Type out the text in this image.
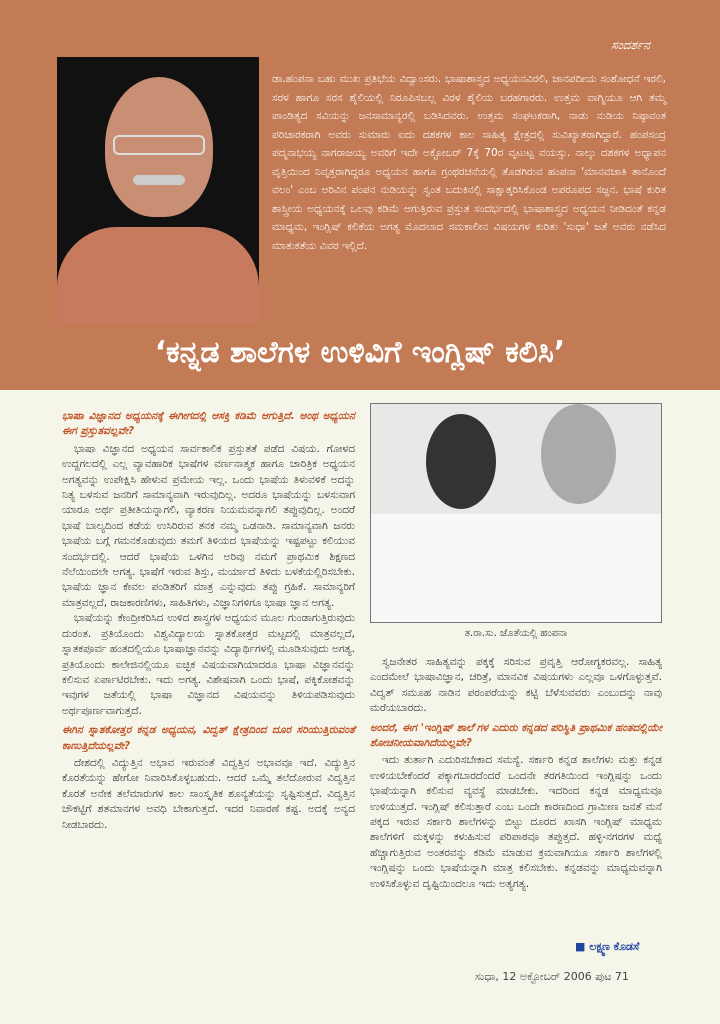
ಸಂದರ್ಶನ
ಡಾ.ಹಂಪನಾ ಬಹು ಮುಖ ಪ್ರತಿಭೆಯ ವಿದ್ವಾಂಸರು. ಭಾಷಾಶಾಸ್ತ್ರದ ಅಧ್ಯಯನವಿರಲಿ, ಜಾನಪದೀಯ ಸಂಶೋಧನೆ ಇರಲಿ, ಸರಳ ಹಾಗೂ ಸರಸ ಶೈಲಿಯಲ್ಲಿ ನಿರೂಪಿಸಬಲ್ಲ ವಿರಳ ಶೈಲಿಯ ಬರಹಗಾರರು. ಉತ್ತಮ ವಾಗ್ಮಿಯೂ ಆಗಿ ತಮ್ಮ ಪಾಂಡಿತ್ಯದ ಸವಿಯನ್ನು ಜನಸಾಮಾನ್ಯರಲ್ಲಿ ಬಡಿಸಿದವರು. ಉತ್ತಮ ಸಂಘಟಕರಾಗಿ, ನಾಡು ನುಡಿಯ ನಿಷ್ಠಾವಂತ ಪರಿಚಾರಕರಾಗಿ ಅವರು ಸುಮಾರು ಐದು ದಶಕಗಳ ಕಾಲ ಸಾಹಿತ್ಯ ಕ್ಷೇತ್ರದಲ್ಲಿ ಸುವಿಖ್ಯಾತರಾಗಿದ್ದಾರೆ. ಹಂಪಸಂದ್ರ ಪದ್ಮನಾಭಯ್ಯ ನಾಗರಾಜಯ್ಯ ಅವರಿಗೆ ಇದೇ ಅಕ್ಟೋಬರ್ 7ಕ್ಕೆ 70ರ ವೃಟುಟ್ಟ ವಯಸ್ಸು. ನಾಲ್ಕು ದಶಕಗಳ ಅಧ್ಯಾಪನ ವೃತ್ತಿಯಿಂದ ನಿವೃತ್ತರಾಗಿದ್ದರೂ ಅಧ್ಯಯನ ಹಾಗೂ ಗ್ರಂಥರಚನೆಯಲ್ಲಿ ತೊಡಗಿರುವ ಹಂಪನಾ 'ಮಾನವಜಾತಿ ತಾನೊಂದೆ ವಲಂ' ಎಂಬ ಅರಿವಿನ ಪಂಪನ ನುಡಿಯನ್ನು ಸ್ವಂತ ಬದುಕಿನಲ್ಲಿ ಸಾಕ್ಷಾತ್ಕರಿಸಿಕೊಂಡ ಅಪರೂಪದ ಸಜ್ಜನ. ಭಾಷೆ ಕುರಿತ ಶಾಸ್ತ್ರೀಯ ಅಧ್ಯಯನಕ್ಕೆ ಒಲವು ಕಡಿಮೆ ಆಗುತ್ತಿರುವ ಪ್ರಸ್ತುತ ಸಂದರ್ಭದಲ್ಲಿ ಭಾಷಾಶಾಸ್ತ್ರದ ಅಧ್ಯಯನ ನೀಡಿದಂತೆ ಕನ್ನಡ ಮಾಧ್ಯಮ, ಇಂಗ್ಲಿಷ್ ಕಲಿಕೆಯ ಅಗತ್ಯ ಮೊದಲಾದ ಸಮಕಾಲೀನ ವಿಷಯಗಳ ಕುರಿತು 'ಸುಧಾ' ಜತೆ ಅವರು ನಡೆಸಿದ ಮಾತುಕತೆಯ ವಿವರ ಇಲ್ಲಿದೆ.
‘ಕನ್ನಡ ಶಾಲೆಗಳ ಉಳಿವಿಗೆ ಇಂಗ್ಲಿಷ್ ಕಲಿಸಿ’
ಭಾಷಾ ವಿಜ್ಞಾನದ ಅಧ್ಯಯನಕ್ಕೆ ಈಗೀಗದಲ್ಲಿ ಆಸಕ್ತಿ ಕಡಿಮೆ ಆಗುತ್ತಿದೆ. ಅಂಥ ಅಧ್ಯಯನ ಈಗ ಪ್ರಸ್ತುತವಲ್ಲವೇ?

ಭಾಷಾ ವಿಜ್ಞಾನದ ಅಧ್ಯಯನ ಸಾರ್ವಕಾಲಿಕ ಪ್ರಸ್ತುತತೆ ಪಡೆದ ವಿಷಯ. ಗೋಳದ ಉದ್ದಗಲದಲ್ಲಿ ಎಲ್ಲ ವ್ಯಾವಹಾರಿಕ ಭಾಷೆಗಳ ವರ್ಣನಾತ್ಮಕ ಹಾಗೂ ಚಾರಿತ್ರಿಕ ಅಧ್ಯಯನ ಅಗತ್ಯವನ್ನು ಉಪೇಕ್ಷಿಸಿ ಹೇಳುವ ಪ್ರಮೇಯ ಇಲ್ಲ. ಒಂದು ಭಾಷೆಯ ತಿಳುವಳಿಕೆ ಅದನ್ನು ನಿತ್ಯ ಬಳಸುವ ಜನರಿಗೆ ಸಾಮಾನ್ಯವಾಗಿ ಇರುವುದಿಲ್ಲ. ಅದರೂ ಭಾಷೆಯನ್ನು ಬಳಸುವಾಗ ಯಾರೂ ಅರ್ಥ ಪ್ರತೀತಿಯನ್ನಾಗಲಿ, ವ್ಯಾಕರಣ ನಿಯಮವನ್ನಾಗಲಿ ತಪ್ಪುವುದಿಲ್ಲ. ಅಂದರೆ ಭಾಷೆ ಬಾಲ್ಯದಿಂದ ಕಡೆಯ ಉಸಿರಿರುವ ತನಕ ನಮ್ಮ ಒಡನಾಡಿ. ಸಾಮಾನ್ಯವಾಗಿ ಜನರು ಭಾಷೆಯ ಬಗ್ಗೆ ಗಮನಕೊಡುವುದು ತಮಗೆ ತಿಳಿಯದ ಭಾಷೆಯನ್ನು ಇಷ್ಟಪಟ್ಟು ಕಲಿಯುವ ಸಂದರ್ಭದಲ್ಲಿ. ಆದರೆ ಭಾಷೆಯ ಒಳಗಿನ ಅರಿವು ನಮಗೆ ಪ್ರಾಥಮಿಕ ಶಿಕ್ಷಣದ ನೆಲೆಯಿಂದಲೇ ಅಗತ್ಯ. ಭಾಷೆಗೆ ಇರುವ ಶಿಸ್ತು, ಮರ್ಯಾದೆ ತಿಳಿದು ಬಳಕೆಯಲ್ಲಿರಿಸಬೇಕು. ಭಾಷೆಯ ಜ್ಞಾನ ಕೇವಲ ಪಂಡಿತರಿಗೆ ಮಾತ್ರ ಎನ್ನುವುದು ತಪ್ಪು ಗ್ರಹಿಕೆ. ಸಾಮಾನ್ಯರಿಗೆ ಮಾತ್ರವಲ್ಲದೆ, ರಾಜಕಾರಣಿಗಳು, ಸಾಹಿತಿಗಳು, ವಿಜ್ಞಾನಿಗಳಿಗೂ ಭಾಷಾ ಜ್ಞಾನ ಅಗತ್ಯ.

ಭಾಷೆಯನ್ನು ಕೇಂದ್ರೀಕರಿಸಿದ ಉಳಿದ ಶಾಸ್ತ್ರಗಳ ಅಧ್ಯಯನ ಮೂಲ ಗುಂಡಾಗುತ್ತಿರುವುದು ದುರಂತ. ಪ್ರತಿಯೊಂದು ವಿಶ್ವವಿದ್ಯಾಲಯ ಸ್ನಾತಕೋತ್ತರ ಮಟ್ಟದಲ್ಲಿ ಮಾತ್ರವಲ್ಲದೆ, ಸ್ನಾತಕಪೂರ್ವ ಹಂತದಲ್ಲಿಯೂ ಭಾಷಾಜ್ಞಾನವನ್ನು ವಿದ್ಯಾರ್ಥಿಗಳಲ್ಲಿ ಮೂಡಿಸುವುದು ಅಗತ್ಯ. ಪ್ರತಿಯೊಂದು ಕಾಲೇಜಿನಲ್ಲಿಯೂ ಐಚ್ಛಿಕ ವಿಷಯವಾಗಿಯಾದರೂ ಭಾಷಾ ವಿಜ್ಞಾನವನ್ನು ಕಲಿಸುವ ಏರ್ಪಾಟಿರಬೇಕು. ಇದು ಅಗತ್ಯ. ವಿಶೇಷವಾಗಿ ಒಂದು ಭಾಷೆ, ಪಕ್ಕಿಕೋಶವನ್ನು ಇವುಗಳ ಜತೆಯಲ್ಲಿ ಭಾಷಾ ವಿಜ್ಞಾನದ ವಿಷಯವನ್ನು ತಿಳಿಯಪಡಿಸುವುದು ಅರ್ಥಪೂರ್ಣವಾಗುತ್ತದೆ.

ಈಗಿನ ಸ್ನಾತಕೋತ್ತರ ಕನ್ನಡ ಅಧ್ಯಯನ, ವಿದ್ವತ್ ಕ್ಷೇತ್ರದಿಂದ ದೂರ ಸರಿಯುತ್ತಿರುವಂತೆ ಕಾಣುತ್ತಿದೆಯಲ್ಲವೇ?

ದೇಶದಲ್ಲಿ ವಿದ್ಯುತ್ತಿನ ಅಭಾವ ಇರುವಂತೆ ವಿದ್ವತ್ತಿನ ಅಭಾವವೂ ಇದೆ. ವಿದ್ಯುತ್ತಿನ ಕೊರತೆಯನ್ನು ಹೇಗೋ ನಿವಾರಿಸಿಕೊಳ್ಳಬಹುದು. ಆದರೆ ಒಮ್ಮೆ ತಲೆದೋರುವ ವಿದ್ವತ್ತಿನ ಕೊರತೆ ಅನೇಕ ತಲೆಮಾರುಗಳ ಕಾಲ ಸಾಂಸ್ಕೃತಿಕ ಶೂನ್ಯತೆಯನ್ನು ಸೃಷ್ಟಿಸುತ್ತದೆ. ವಿದ್ವತ್ತಿನ ಚೌಕಟ್ಟಿಗೆ ಶತಮಾನಗಳ ಅವಧಿ ಬೇಕಾಗುತ್ತದೆ. ಇದರ ನಿವಾರಣೆ ಕಷ್ಟ. ಅದಕ್ಕೆ ಅನ್ಯದ ನೀಡಬಾರದು.

ತ.ರಾ.ಸು. ಜೊತೆಯಲ್ಲಿ ಹಂಪನಾ

ಸ್ವಜನೇತರ ಸಾಹಿತ್ಯವನ್ನು ಪಕ್ಕಕ್ಕೆ ಸರಿಸುವ ಪ್ರವೃತ್ತಿ ಆರೋಗ್ಯಕರವಲ್ಲ. ಸಾಹಿತ್ಯ ಎಂದಮೇಲೆ ಭಾಷಾವಿಜ್ಞಾನ, ಚರಿತ್ರೆ, ಮಾನವಿಕ ವಿಷಯಗಳು ಎಲ್ಲವೂ ಒಳಗೊಳ್ಳುತ್ತವೆ. ವಿದ್ವತ್ ಸಮೂಹ ನಾಡಿನ ಪರಂಪರೆಯನ್ನು ಕಟ್ಟಿ ಬೆಳೆಸುವವರು ಎಂಬುದನ್ನು ನಾವು ಮರೆಯಬಾರದು.

ಅಂದರೆ, ಈಗ 'ಇಂಗ್ಲಿಷ್ ಶಾಲೆ'ಗಳ ಎದುರು ಕನ್ನಡದ ಪರಿಸ್ಥಿತಿ ಪ್ರಾಥಮಿಕ ಹಂತದಲ್ಲಿಯೇ ಶೋಚನೀಯವಾಗಿದೆಯಲ್ಲವೇ?

ಇದು ತುರ್ತಾಗಿ ಎದುರಿಸಬೇಕಾದ ಸಮಸ್ಯೆ. ಸರ್ಕಾರಿ ಕನ್ನಡ ಶಾಲೆಗಳು ಮತ್ತು ಕನ್ನಡ ಉಳಿಯಬೇಕೆಂದರೆ ಪಕ್ಕಾಗಬಾರದೆಂದರೆ ಒಂದನೇ ತರಗತಿಯಿಂದ ಇಂಗ್ಲಿಷನ್ನು ಒಂದು ಭಾಷೆಯನ್ನಾಗಿ ಕಲಿಸುವ ವ್ಯವಸ್ಥೆ ಮಾಡಬೇಕು. ಇದರಿಂದ ಕನ್ನಡ ಮಾಧ್ಯಮವೂ ಉಳಿಯುತ್ತದೆ. ಇಂಗ್ಲಿಷ್ ಕಲಿಸುತ್ತಾರೆ ಎಂಬ ಒಂದೇ ಕಾರಣದಿಂದ ಗ್ರಾಮೀಣ ಜನತೆ ಮನೆ ಪಕ್ಕದ ಇರುವ ಸರ್ಕಾರಿ ಶಾಲೆಗಳನ್ನು ಬಿಟ್ಟು ದೂರದ ಖಾಸಗಿ ಇಂಗ್ಲಿಷ್ ಮಾಧ್ಯಮ ಶಾಲೆಗಳಿಗೆ ಮಕ್ಕಳನ್ನು ಕಳುಹಿಸುವ ಪರಿಪಾಠವೂ ತಪ್ಪುತ್ತದೆ. ಹಳ್ಳಿ-ನಗರಗಳ ಮಧ್ಯೆ ಹೆಚ್ಚಾಗುತ್ತಿರುವ ಅಂತರವನ್ನು ಕಡಿಮೆ ಮಾಡುವ ಕ್ರಮವಾಗಿಯೂ ಸರ್ಕಾರಿ ಶಾಲೆಗಳಲ್ಲಿ ಇಂಗ್ಲಿಷನ್ನು ಒಂದು ಭಾಷೆಯನ್ನಾಗಿ ಮಾತ್ರ ಕಲಿಸಬೇಕು. ಕನ್ನಡವನ್ನು ಮಾಧ್ಯಮವನ್ನಾಗಿ ಉಳಿಸಿಕೊಳ್ಳುವ ದೃಷ್ಟಿಯಿಂದಲೂ ಇದು ಅತ್ಯಗತ್ಯ.

■ ಲಕ್ಷ್ಮಣ ಕೊಡಸೆ
ಸುಧಾ, 12 ಅಕ್ಟೋಬರ್ 2006 ಪುಟ 71
